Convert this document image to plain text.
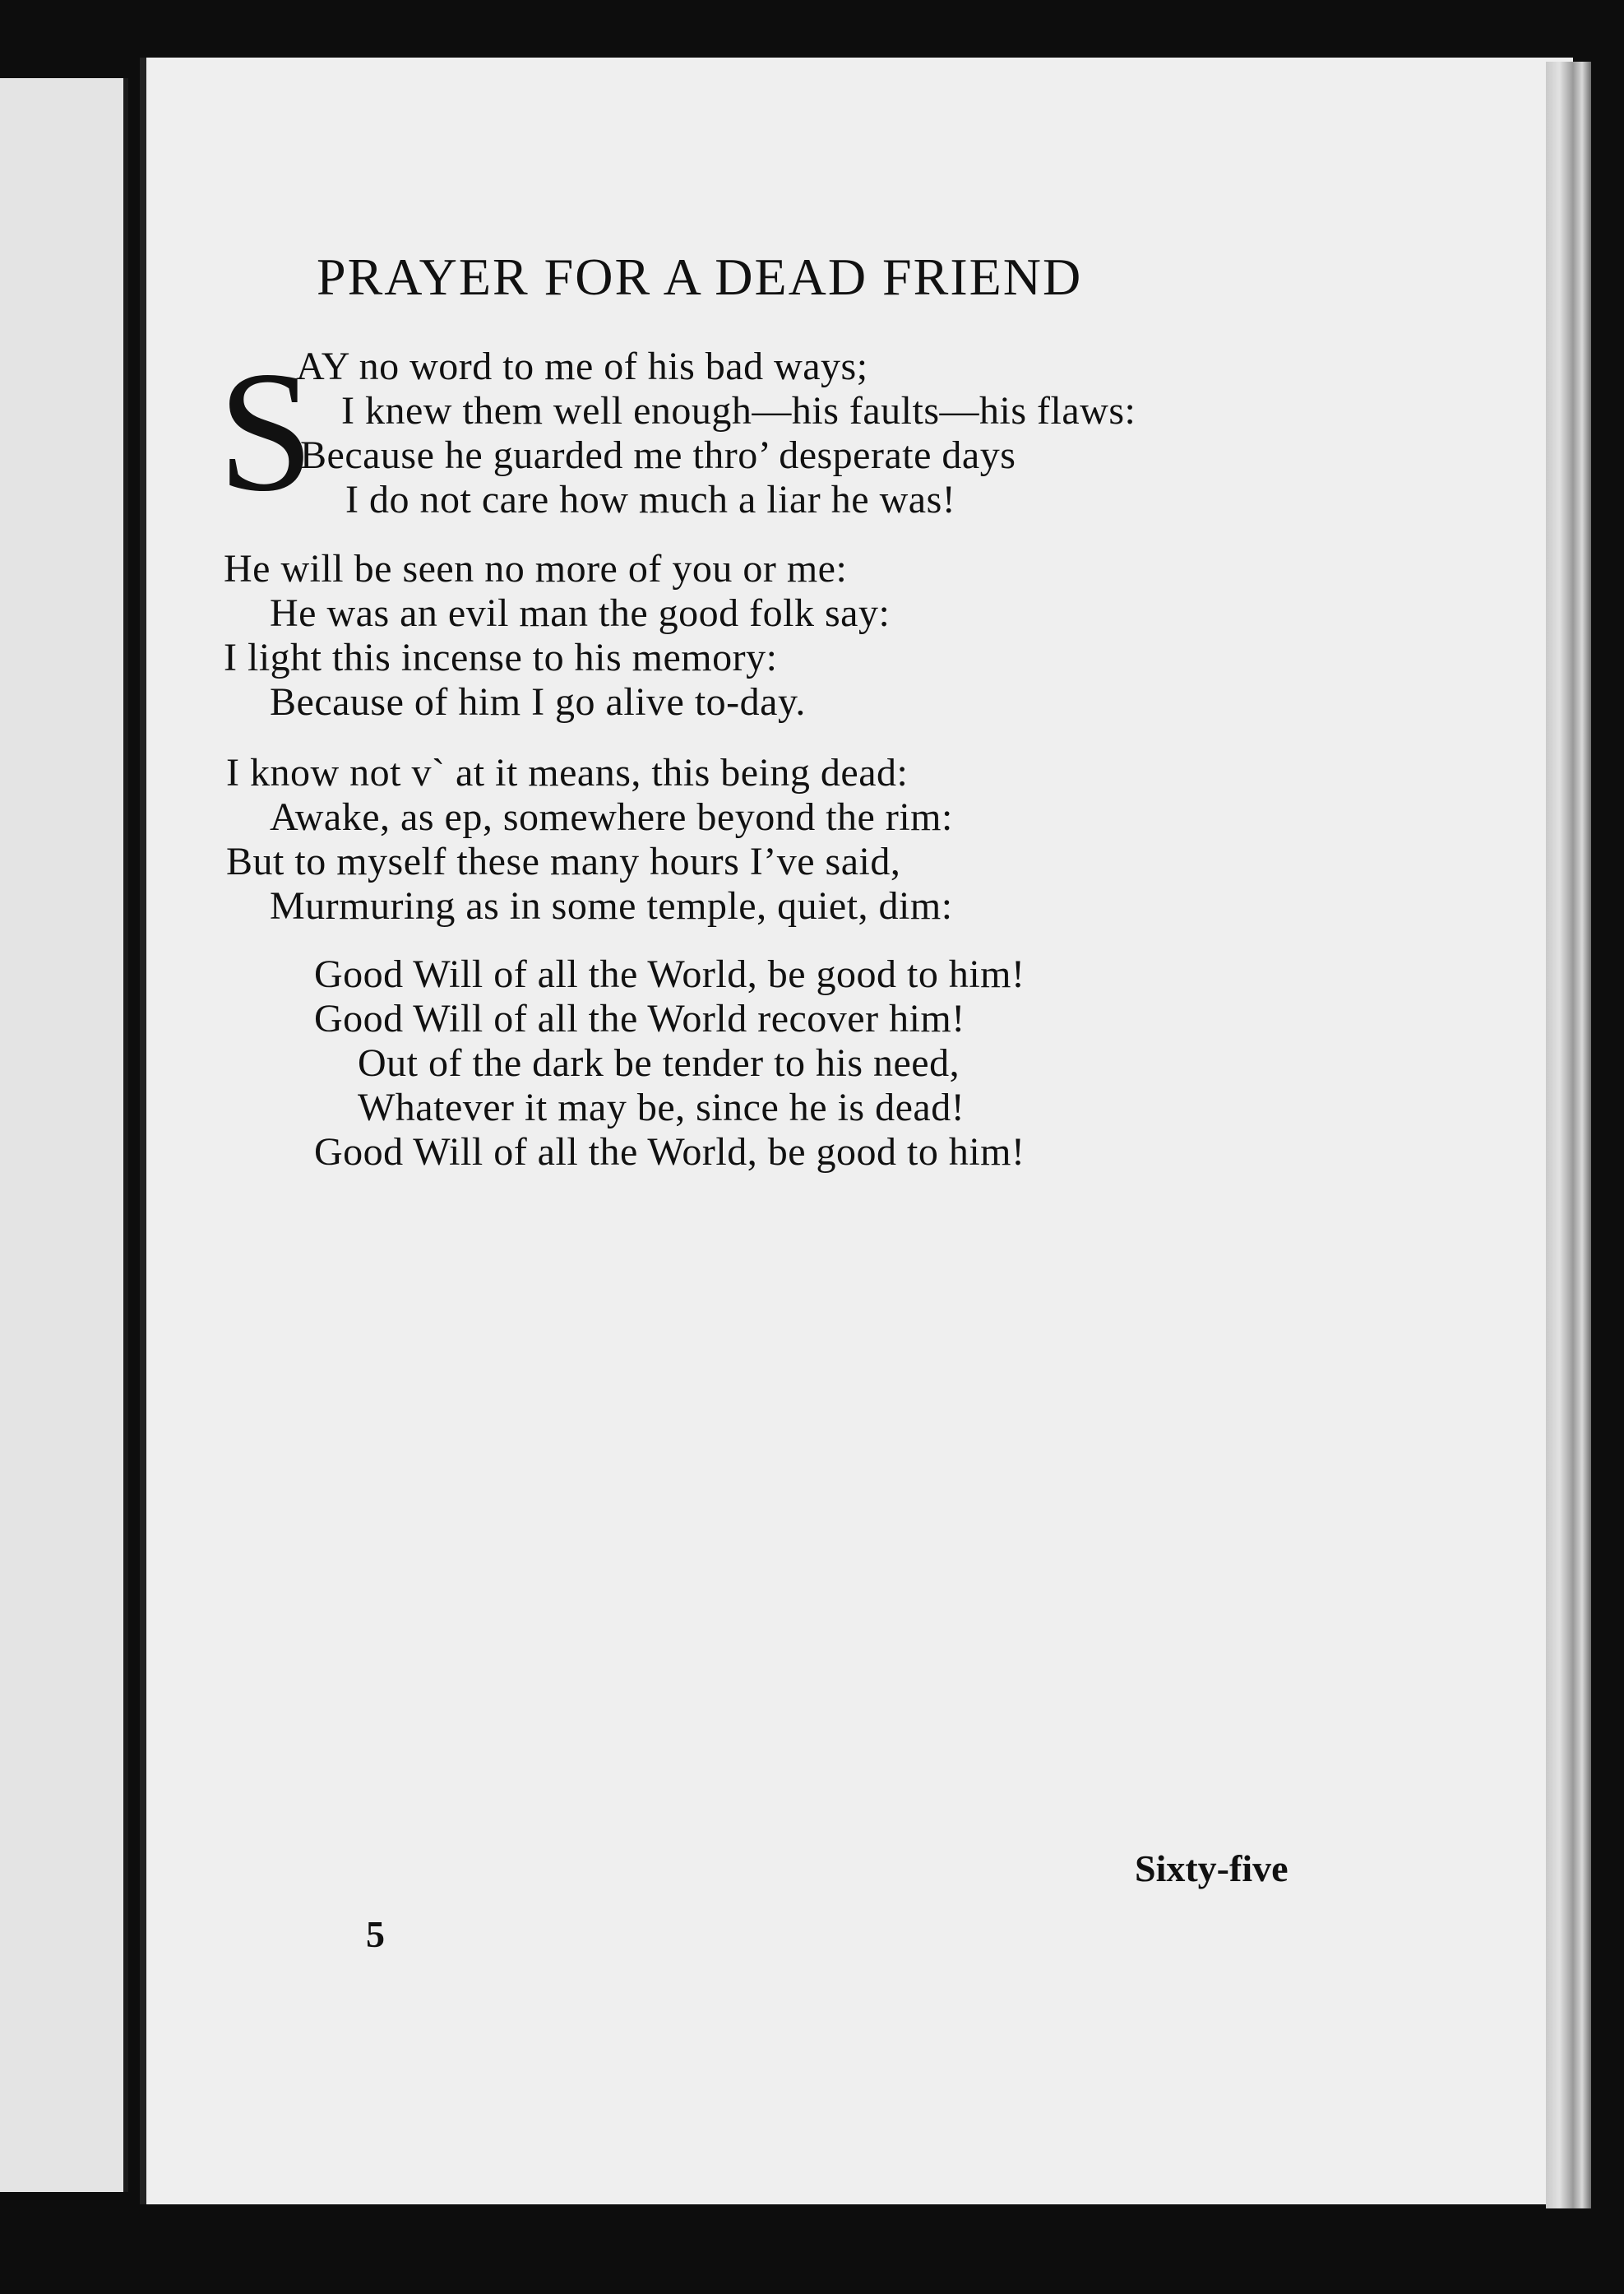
PRAYER FOR A DEAD FRIEND
S
AY no word to me of his bad ways;
I knew them well enough—his faults—his flaws:
Because he guarded me thro’ desperate days
I do not care how much a liar he was!
He will be seen no more of you or me:
He was an evil man the good folk say:
I light this incense to his memory:
Because of him I go alive to-day.
I know not v` at it means, this being dead:
Awake, as ep, somewhere beyond the rim:
But to myself these many hours I’ve said,
Murmuring as in some temple, quiet, dim:
Good Will of all the World, be good to him!
Good Will of all the World recover him!
Out of the dark be tender to his need,
Whatever it may be, since he is dead!
Good Will of all the World, be good to him!
Sixty-five
5
